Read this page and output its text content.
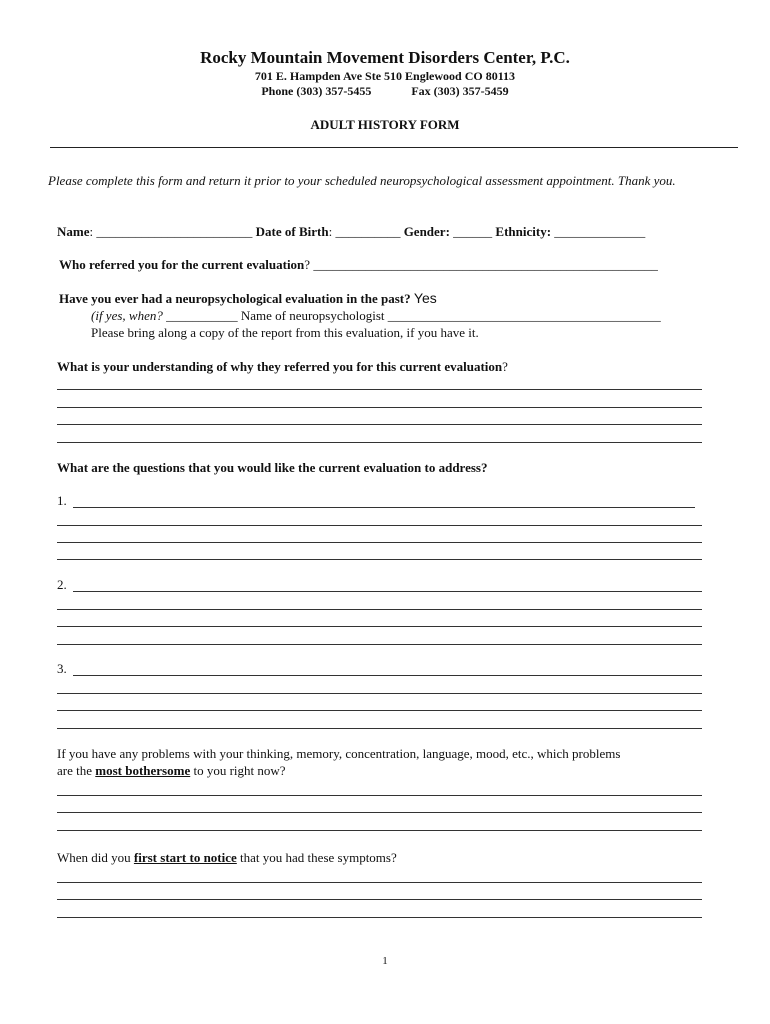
Rocky Mountain Movement Disorders Center, P.C.
701 E. Hampden Ave Ste 510 Englewood CO 80113
Phone (303) 357-5455	Fax (303) 357-5459
ADULT HISTORY FORM
Please complete this form and return it prior to your scheduled neuropsychological assessment appointment. Thank you.
Name: ________________________ Date of Birth: __________ Gender: ______ Ethnicity: ______________
Who referred you for the current evaluation? _____________________________________________________
Have you ever had a neuropsychological evaluation in the past? Yes
(if yes, when? ___________ Name of neuropsychologist __________________________________________
Please bring along a copy of the report from this evaluation, if you have it.
What is your understanding of why they referred you for this current evaluation?
What are the questions that you would like the current evaluation to address?
1.
2.
3.
If you have any problems with your thinking, memory, concentration, language, mood, etc., which problems
are the most bothersome to you right now?
When did you first start to notice that you had these symptoms?
1
